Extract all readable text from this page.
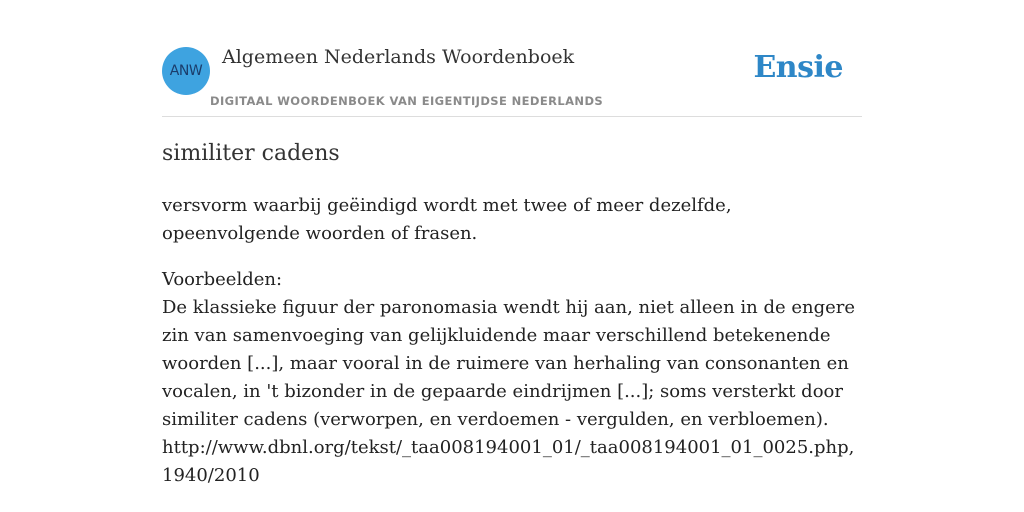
ANW
Algemeen Nederlands Woordenboek
DIGITAAL WOORDENBOEK VAN EIGENTIJDSE NEDERLANDS
Ensie
similiter cadens

versvorm waarbij geëindigd wordt met twee of meer dezelfde, opeenvolgende woorden of frasen.

Voorbeelden:
De klassieke figuur der paronomasia wendt hij aan, niet alleen in de engere zin van samenvoeging van gelijkluidende maar verschillend betekenende woorden [...], maar vooral in de ruimere van herhaling van consonanten en vocalen, in 't bizonder in de gepaarde eindrijmen [...]; soms versterkt door similiter cadens (verworpen, en verdoemen - vergulden, en verbloemen).
http://www.dbnl.org/tekst/_taa008194001_01/_taa008194001_01_0025.php, 1940/2010
